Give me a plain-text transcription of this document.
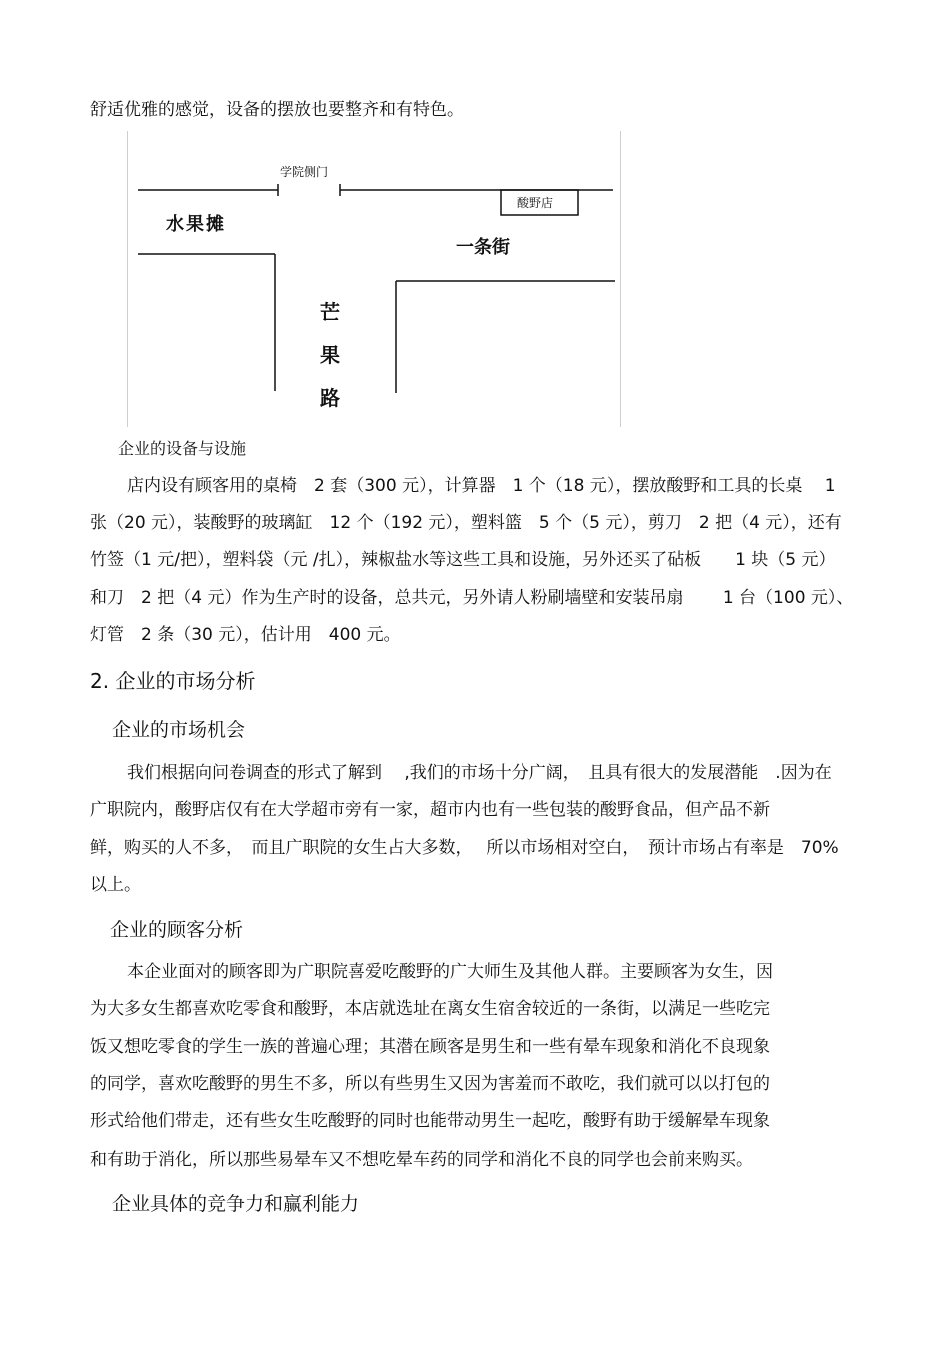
舒适优雅的感觉，设备的摆放也要整齐和有特色。
学院侧门
酸野店
水果摊
一条街
芒
果
路
企业的设备与设施
店内设有顾客用的桌椅　2 套（300 元），计算器　1 个（18 元），摆放酸野和工具的长桌　 1
张（20 元），装酸野的玻璃缸　12 个（192 元），塑料篮　5 个（5 元），剪刀　2 把（4 元），还有
竹签（1 元/把），塑料袋（元 /扎），辣椒盐水等这些工具和设施，另外还买了砧板　　1 块（5 元）
和刀　2 把（4 元）作为生产时的设备，总共元，另外请人粉刷墙壁和安装吊扇　　 1 台（100 元）、
灯管　2 条（30 元），估计用　400 元。
2. 企业的市场分析
企业的市场机会
我们根据向问卷调查的形式了解到　 ,我们的市场十分广阔，　且具有很大的发展潜能　.因为在
广职院内，酸野店仅有在大学超市旁有一家，超市内也有一些包装的酸野食品，但产品不新
鲜，购买的人不多，　而且广职院的女生占大多数，　 所以市场相对空白，　预计市场占有率是　70%
以上。
企业的顾客分析
本企业面对的顾客即为广职院喜爱吃酸野的广大师生及其他人群。主要顾客为女生，因
为大多女生都喜欢吃零食和酸野，本店就选址在离女生宿舍较近的一条街，以满足一些吃完
饭又想吃零食的学生一族的普遍心理；其潜在顾客是男生和一些有晕车现象和消化不良现象
的同学，喜欢吃酸野的男生不多，所以有些男生又因为害羞而不敢吃，我们就可以以打包的
形式给他们带走，还有些女生吃酸野的同时也能带动男生一起吃，酸野有助于缓解晕车现象
和有助于消化，所以那些易晕车又不想吃晕车药的同学和消化不良的同学也会前来购买。
企业具体的竞争力和赢利能力
